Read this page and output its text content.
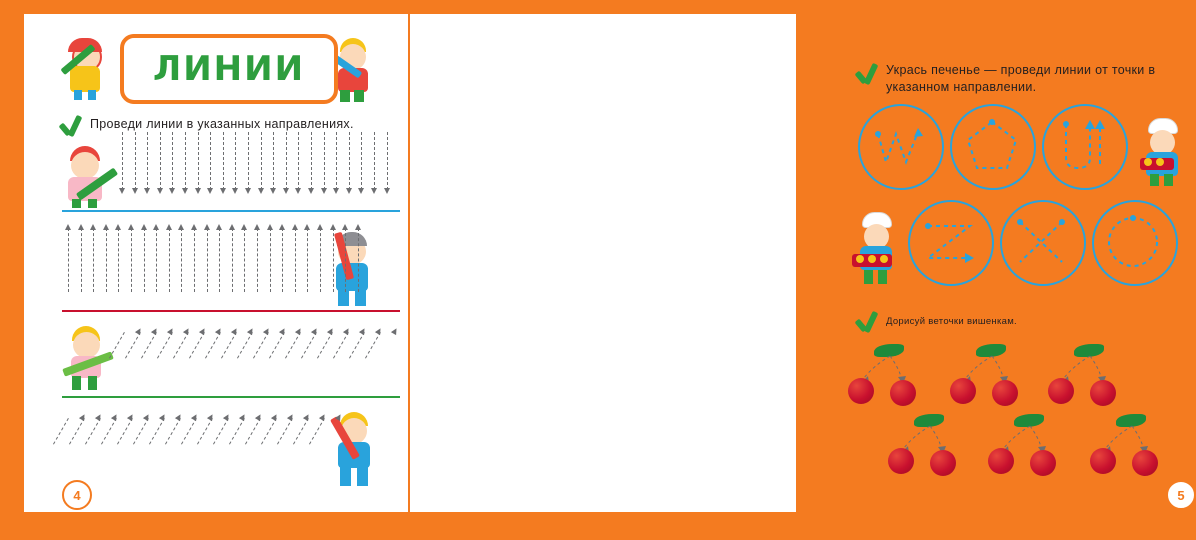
ЛИНИИ
Проведи линии в указанных направлениях.
4
Укрась печенье — проведи линии от точки в указанном направлении.
Дорисуй веточки вишенкам.
5
